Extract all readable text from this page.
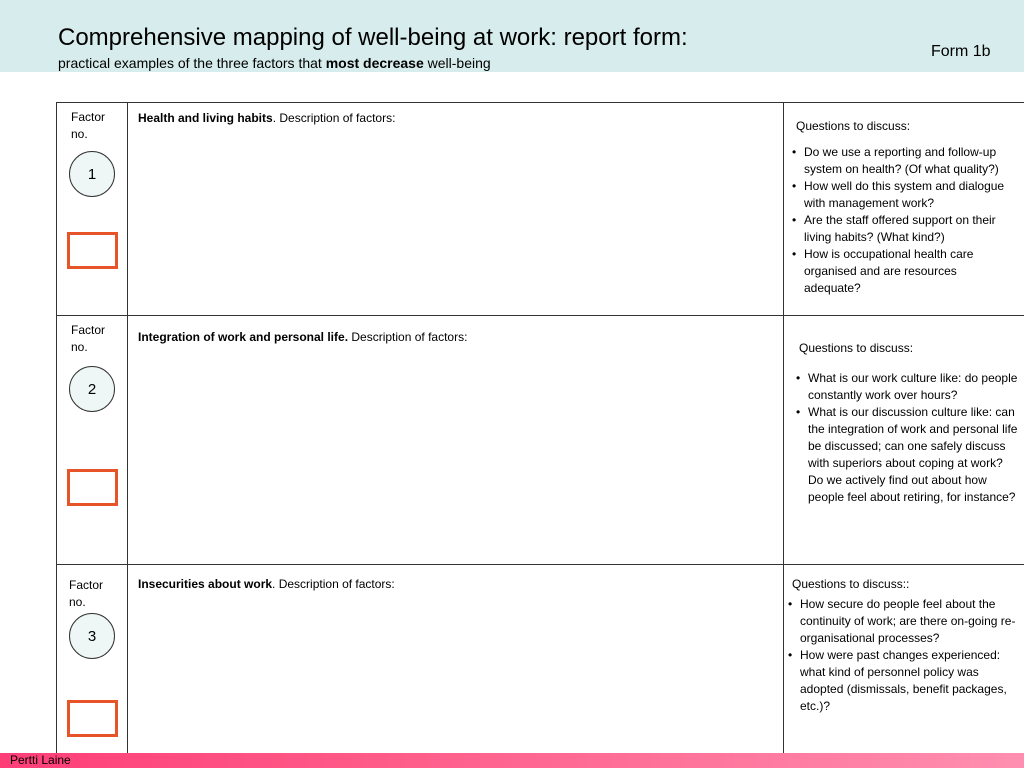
Comprehensive mapping of well-being at work: report form:
practical examples of the three factors that most decrease well-being
Form 1b
Factor no.
1
Health and living habits. Description of factors:
Questions to discuss:
• Do we use a reporting and follow-up system on health? (Of what quality?)
• How well do this system and dialogue with management work?
• Are the staff offered support on their living habits? (What kind?)
• How is occupational health care organised and are resources adequate?
Factor no.
2
Integration of work and personal life. Description of factors:
Questions to discuss:
• What is our work culture like: do people constantly work over hours?
• What is our discussion culture like: can the integration of work and personal life be discussed; can one safely discuss with superiors about coping at work? Do we actively find out about how people feel about retiring, for instance?
Factor no.
3
Insecurities about work. Description of factors:	Questions to discuss::
• How secure do people feel about the continuity of work; are there on-going re-organisational processes?
• How were past changes experienced: what kind of personnel policy was adopted (dismissals, benefit packages, etc.)?
Pertti Laine
